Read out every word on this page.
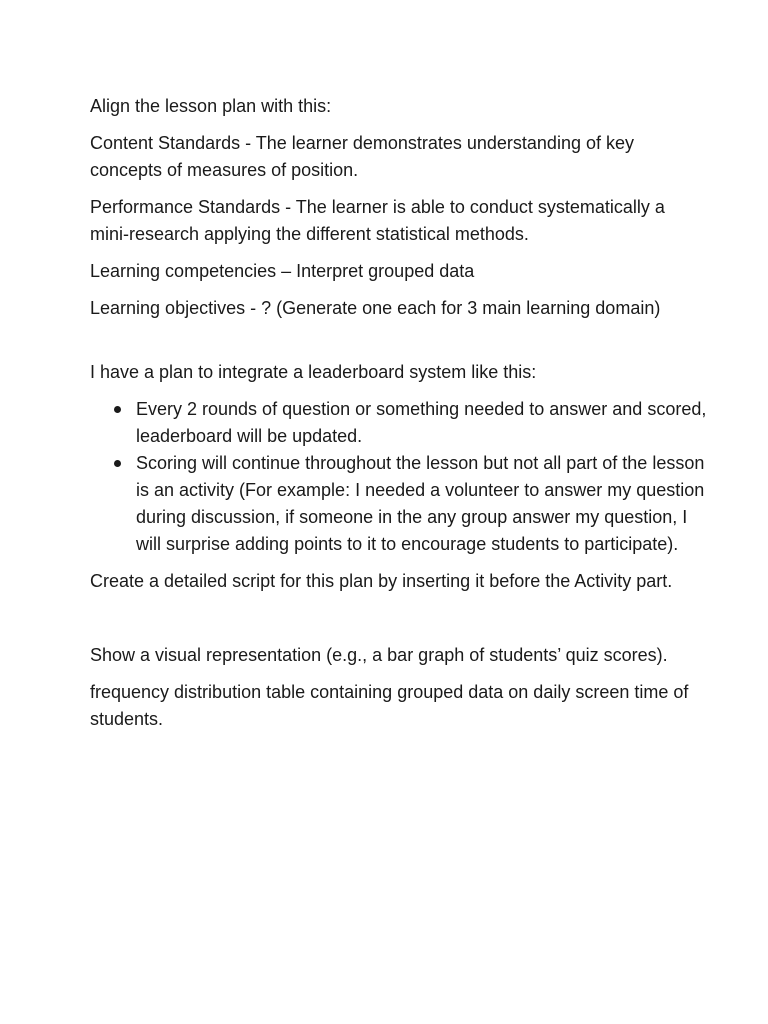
Align the lesson plan with this:

Content Standards - The learner demonstrates understanding of key concepts of measures of position.

Performance Standards - The learner is able to conduct systematically a mini-research applying the different statistical methods.

Learning competencies – Interpret grouped data

Learning objectives - ? (Generate one each for 3 main learning domain)

I have a plan to integrate a leaderboard system like this:

Every 2 rounds of question or something needed to answer and scored, leaderboard will be updated.
Scoring will continue throughout the lesson but not all part of the lesson is an activity (For example: I needed a volunteer to answer my question during discussion, if someone in the any group answer my question, I will surprise adding points to it to encourage students to participate).

Create a detailed script for this plan by inserting it before the Activity part.

Show a visual representation (e.g., a bar graph of students’ quiz scores).

frequency distribution table containing grouped data on daily screen time of students.
